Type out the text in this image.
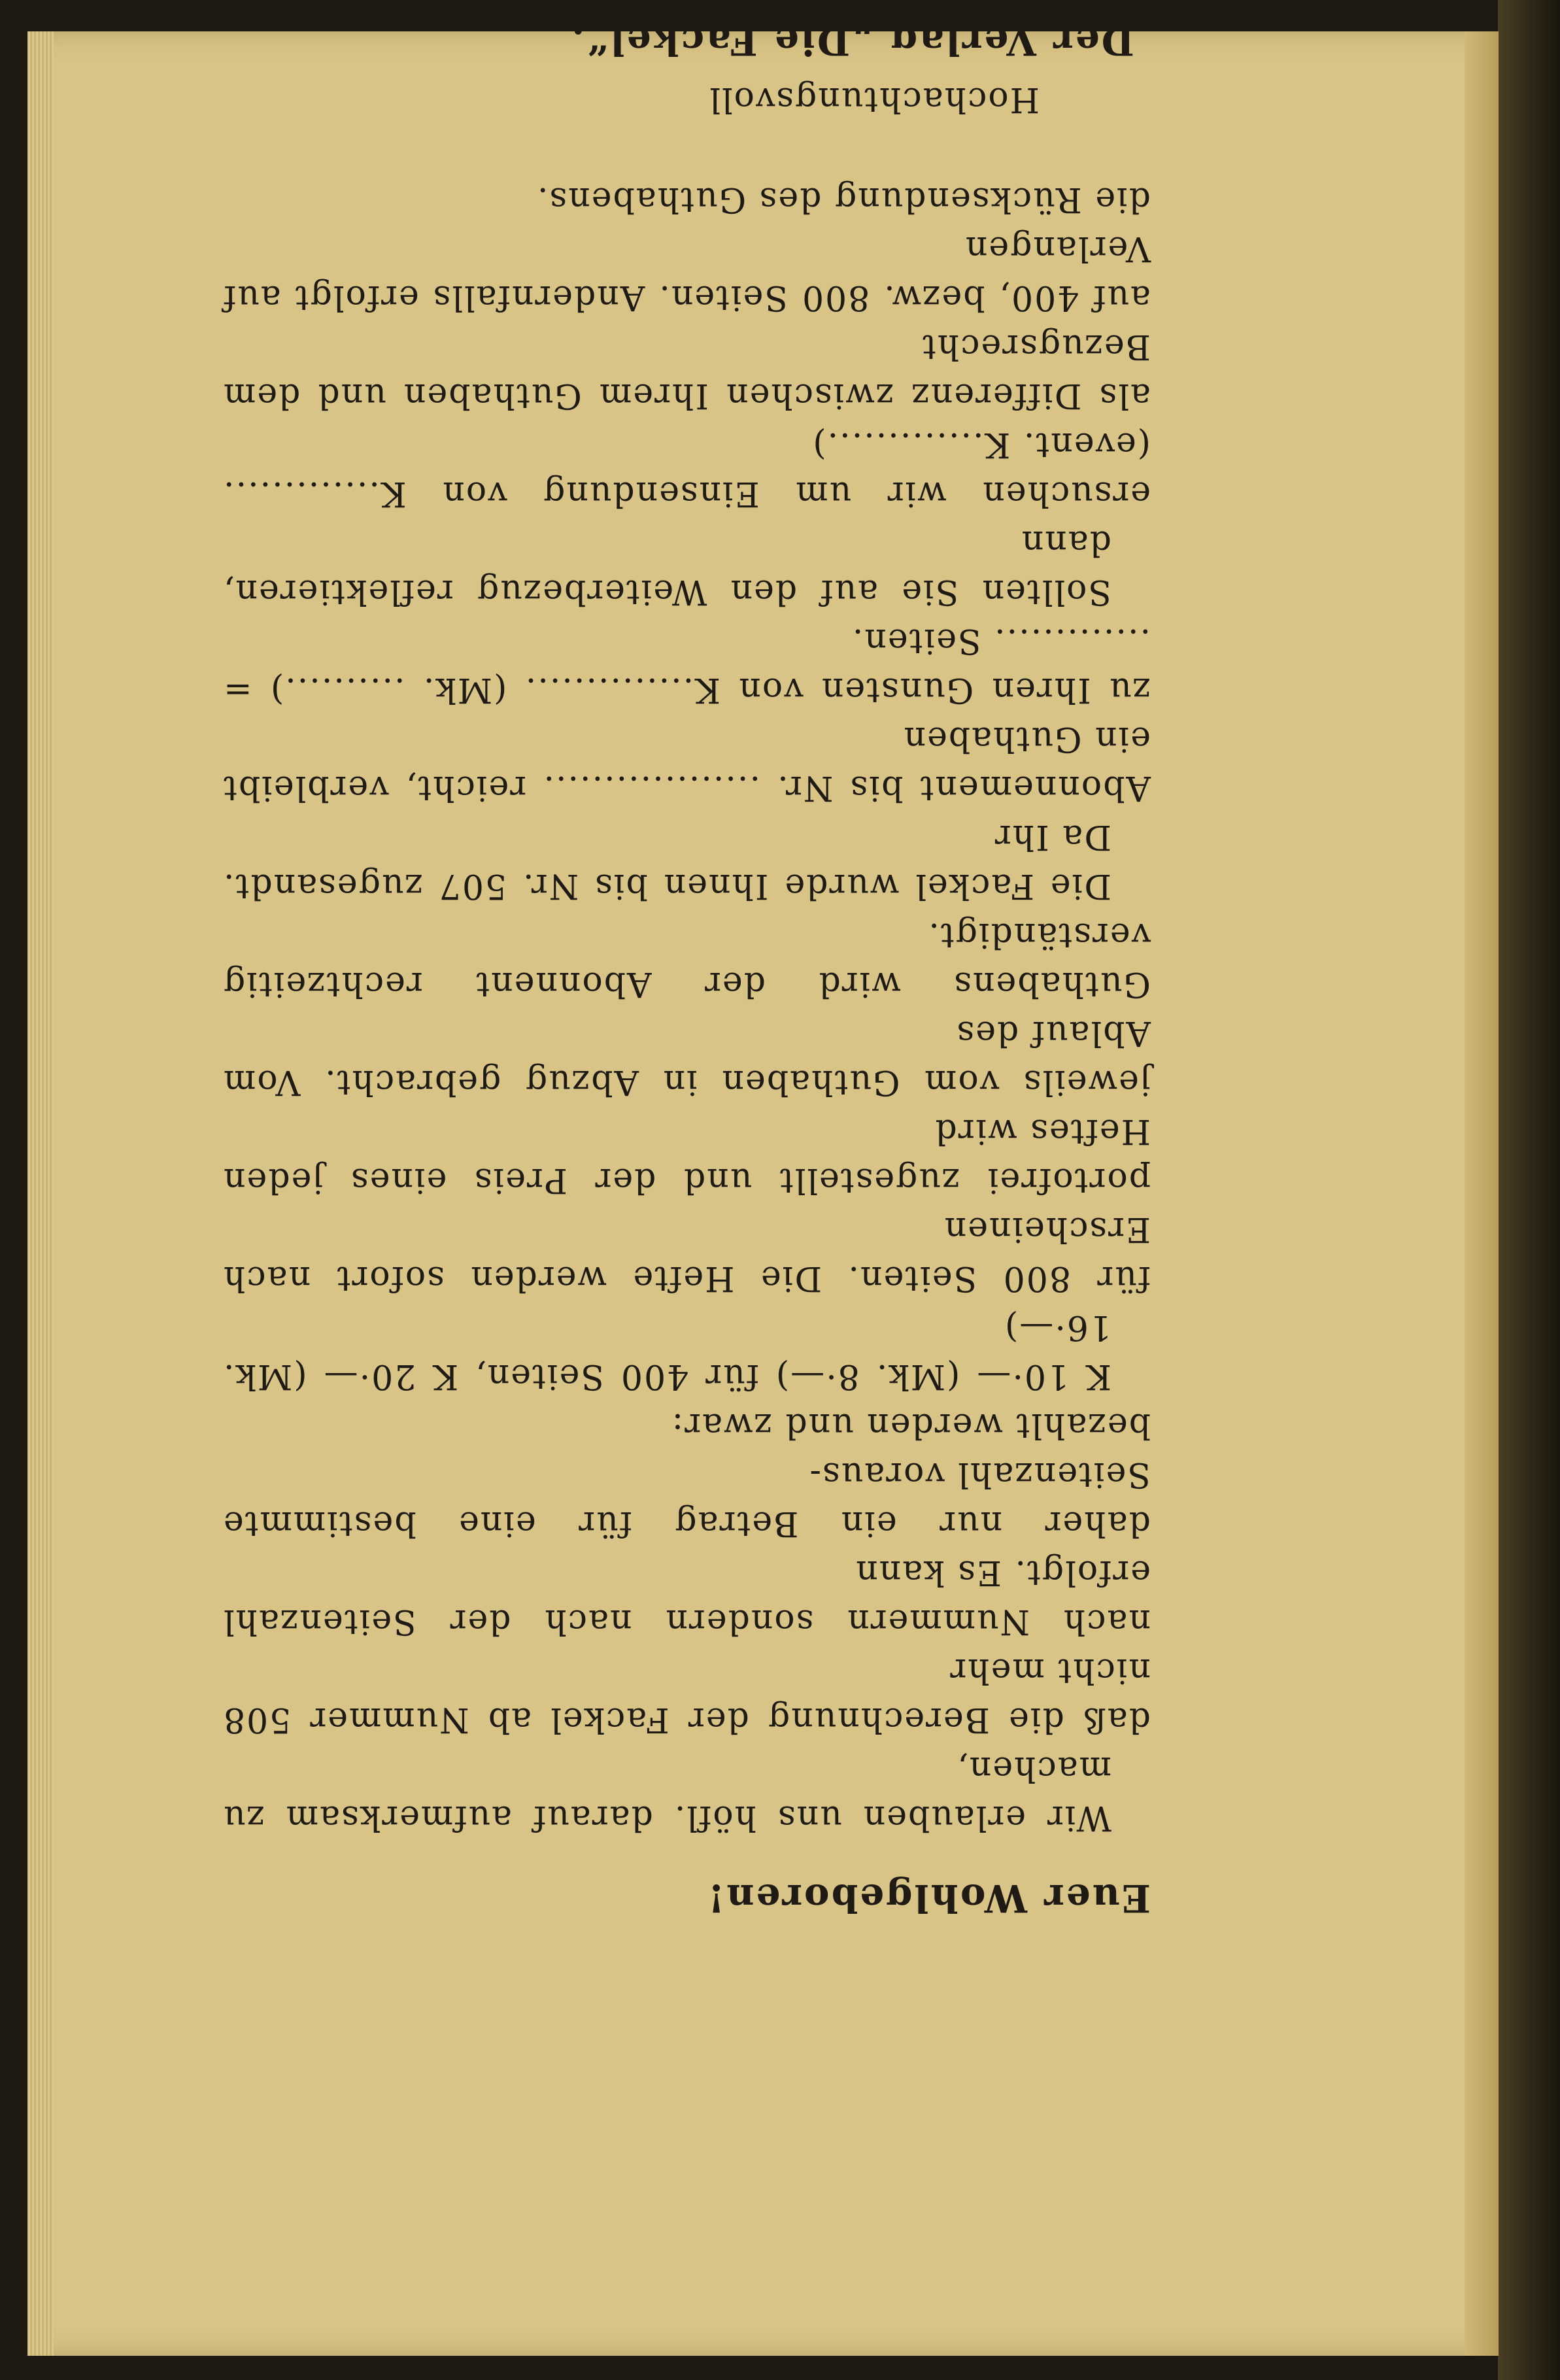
Euer Wohlgeboren!

Wir erlauben uns höfl. darauf aufmerksam zu machen,
daß die Berechnung der Fackel ab Nummer 508 nicht mehr
nach Nummern sondern nach der Seitenzahl erfolgt. Es kann
daher nur ein Betrag für eine bestimmte Seitenzahl voraus-
bezahlt werden und zwar:

K 10·— (Mk. 8·—) für 400 Seiten, K 20·— (Mk. 16·—)
für 800 Seiten. Die Hefte werden sofort nach Erscheinen
portofrei zugestellt und der Preis eines jeden Heftes wird
jeweils vom Guthaben in Abzug gebracht. Vom Ablauf des
Guthabens wird der Abonnent rechtzeitig verständigt.

Die Fackel wurde Ihnen bis Nr. 507 zugesandt. Da Ihr
Abonnement bis Nr. .................. reicht, verbleibt ein Guthaben
zu Ihren Gunsten von K.............. (Mk. ..........) = ............. Seiten.

Sollten Sie auf den Weiterbezug reflektieren, dann
ersuchen wir um Einsendung von K............. (event. K.............)
als Differenz zwischen Ihrem Guthaben und dem Bezugsrecht
auf 400, bezw. 800 Seiten. Andernfalls erfolgt auf Verlangen
die Rücksendung des Guthabens.

Hochachtungsvoll
Der Verlag „Die Fackel“.
